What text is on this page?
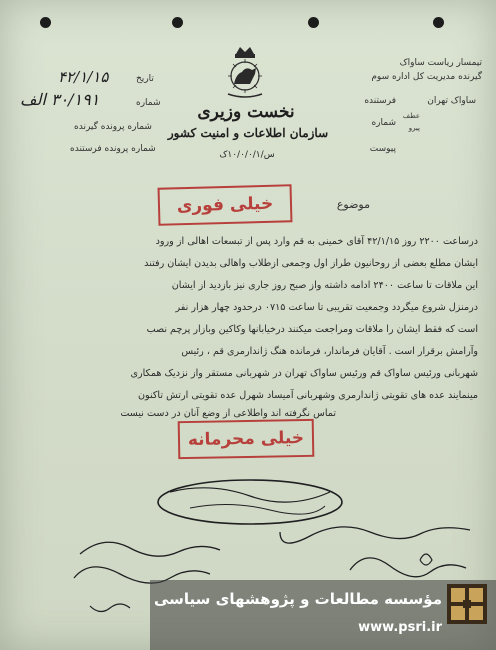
تیمسار ریاست ساواک
گیرنده مدیریت کل اداره سوم
فرستنده	ساواک تهران
شماره
عطف
پیرو
پیوست
نخست وزیری
سازمان اطلاعات و امنیت کشور
س/۱۰/۰/۰/۱ک
تاریخ
۴۲/۱/۱۵
شماره
۳۰/۱۹۱ الف
شماره پرونده گیرنده
شماره پرونده فرستنده
موضوع
خیلی فوری
درساعت ۲۲۰۰ روز ۴۲/۱/۱۵ آقای خمینی به قم وارد پس از تبسعات اهالی از ورود
ایشان مطلع بعضی از روحانیون طراز اول وجمعی ازطلاب واهالی بدیدن ایشان رفتند
این ملاقات تا ساعت ۲۴۰۰ ادامه داشته واز صبح روز جاری نیز بازدید از ایشان
درمنزل شروع میگردد وجمعیت تقریبی تا ساعت ۰۷۱۵ درحدود چهار هزار نفر
است که فقط ایشان را ملاقات ومراجعت میکنند درخیابانها وکاکین وبازار پرچم نصب
وآرامش برقرار است . آقایان فرماندار، فرمانده هنگ ژاندارمری قم ، رئیس
شهربانی ورئیس ساواک قم ورئیس ساواک تهران در شهربانی مستقر واز نزدیک همکاری
مینمایند عده های تقویتی ژاندارمری وشهربانی آمیساد شهرل عده تقویتی ارتش تاکنون
تماس نگرفته اند واطلاعی از وضع آنان در دست نیست
خیلی محرمانه
مؤسسه مطالعات و پژوهشهای سیاسی
www.psri.ir
